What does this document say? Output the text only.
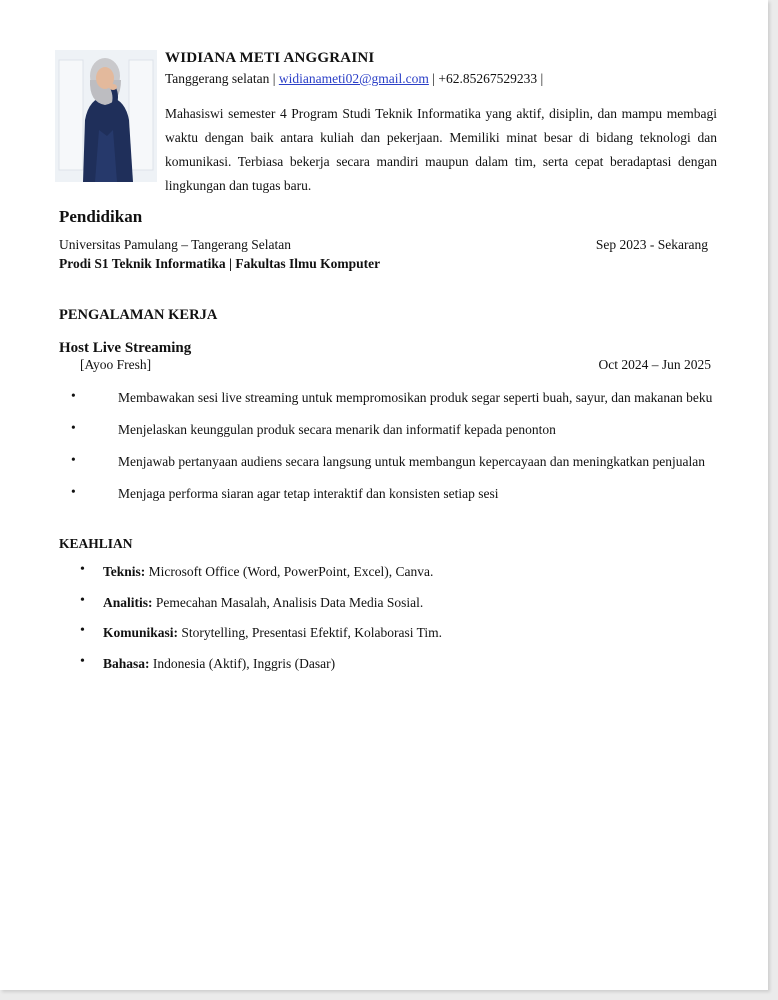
WIDIANA METI ANGGRAINI
Tanggerang selatan | widianameti02@gmail.com | +62.85267529233 |
Mahasiswi semester 4 Program Studi Teknik Informatika yang aktif, disiplin, dan mampu membagi waktu dengan baik antara kuliah dan pekerjaan. Memiliki minat besar di bidang teknologi dan komunikasi. Terbiasa bekerja secara mandiri maupun dalam tim, serta cepat beradaptasi dengan lingkungan dan tugas baru.
Pendidikan
Universitas Pamulang – Tangerang Selatan	Sep 2023 - Sekarang
Prodi S1 Teknik Informatika | Fakultas Ilmu Komputer
PENGALAMAN KERJA
Host Live Streaming
[Ayoo Fresh]	Oct 2024 – Jun 2025
•	Membawakan sesi live streaming untuk mempromosikan produk segar seperti buah, sayur, dan makanan beku
•	Menjelaskan keunggulan produk secara menarik dan informatif kepada penonton
•	Menjawab pertanyaan audiens secara langsung untuk membangun kepercayaan dan meningkatkan penjualan
•	Menjaga performa siaran agar tetap interaktif dan konsisten setiap sesi
KEAHLIAN
• Teknis: Microsoft Office (Word, PowerPoint, Excel), Canva.
• Analitis: Pemecahan Masalah, Analisis Data Media Sosial.
• Komunikasi: Storytelling, Presentasi Efektif, Kolaborasi Tim.
• Bahasa: Indonesia (Aktif), Inggris (Dasar)
